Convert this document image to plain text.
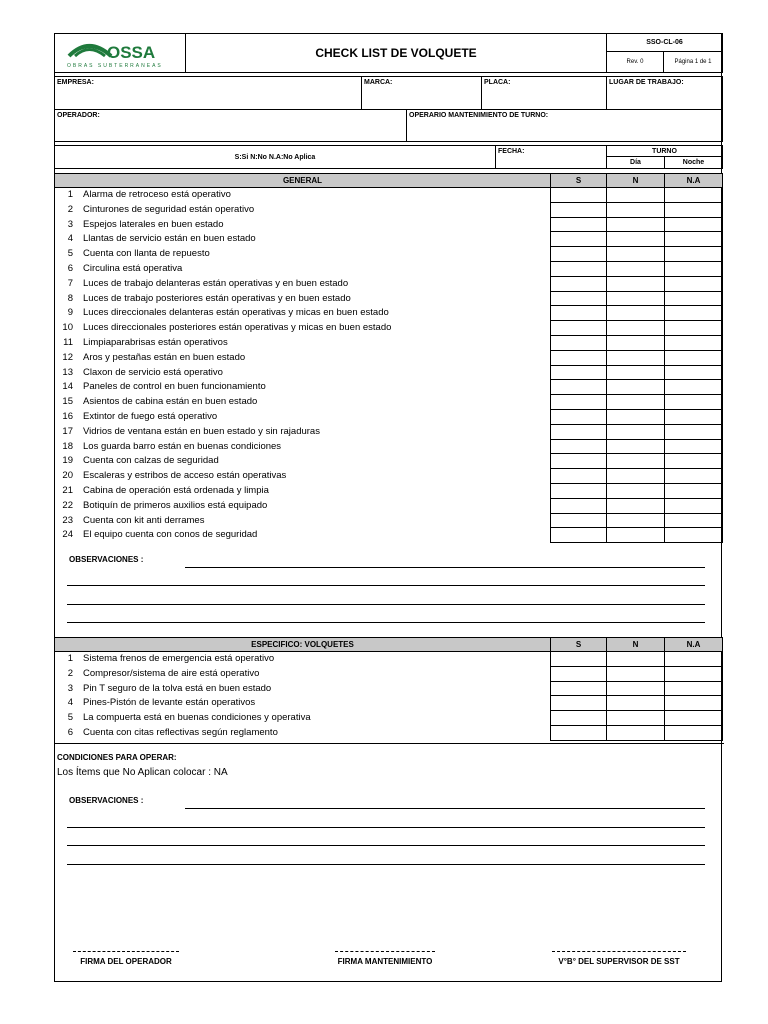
OSSA
OBRAS SUBTERRANEAS
CHECK LIST DE VOLQUETE
SSO-CL-06
Rev. 0	Página 1 de 1
EMPRESA:	MARCA:	PLACA:	LUGAR DE TRABAJO:
OPERADOR:	OPERARIO MANTENIMIENTO DE TURNO:
S:Si N:No N.A:No Aplica
FECHA:	TURNO
Día	Noche
GENERAL	S	N	N.A
1 Alarma de retroceso está operativo
2 Cinturones de seguridad están operativo
3 Espejos laterales en buen estado
4 Llantas de servicio están en buen estado
5 Cuenta con llanta de repuesto
6 Circulina está operativa
7 Luces de trabajo delanteras están operativas y en buen estado
8 Luces de trabajo posteriores están operativas y en buen estado
9 Luces direccionales delanteras están operativas y micas en buen estado
10 Luces direccionales posteriores están operativas y micas en buen estado
11 Limpiaparabrisas están operativos
12 Aros y pestañas están en buen estado
13 Claxon de servicio está operativo
14 Paneles de control en buen funcionamiento
15 Asientos de cabina están en buen estado
16 Extintor de fuego está operativo
17 Vidrios de ventana están en buen estado y sin rajaduras
18 Los guarda barro están en buenas condiciones
19 Cuenta con calzas de seguridad
20 Escaleras y estribos de acceso están operativas
21 Cabina de operación está ordenada y limpia
22 Botiquín de primeros auxilios está equipado
23 Cuenta con kit anti derrames
24 El equipo cuenta con conos de seguridad
OBSERVACIONES :
ESPECIFICO: VOLQUETES	S	N	N.A
1 Sistema frenos de emergencia está operativo
2 Compresor/sistema de aire está operativo
3 Pin T seguro de la tolva está en buen estado
4 Pines-Pistón de levante están operativos
5 La compuerta está en buenas condiciones y operativa
6 Cuenta con citas reflectivas según reglamento
CONDICIONES PARA OPERAR:
Los Ítems que No Aplican colocar : NA
OBSERVACIONES :
FIRMA DEL OPERADOR	FIRMA MANTENIMIENTO	V°B° DEL SUPERVISOR DE SST
